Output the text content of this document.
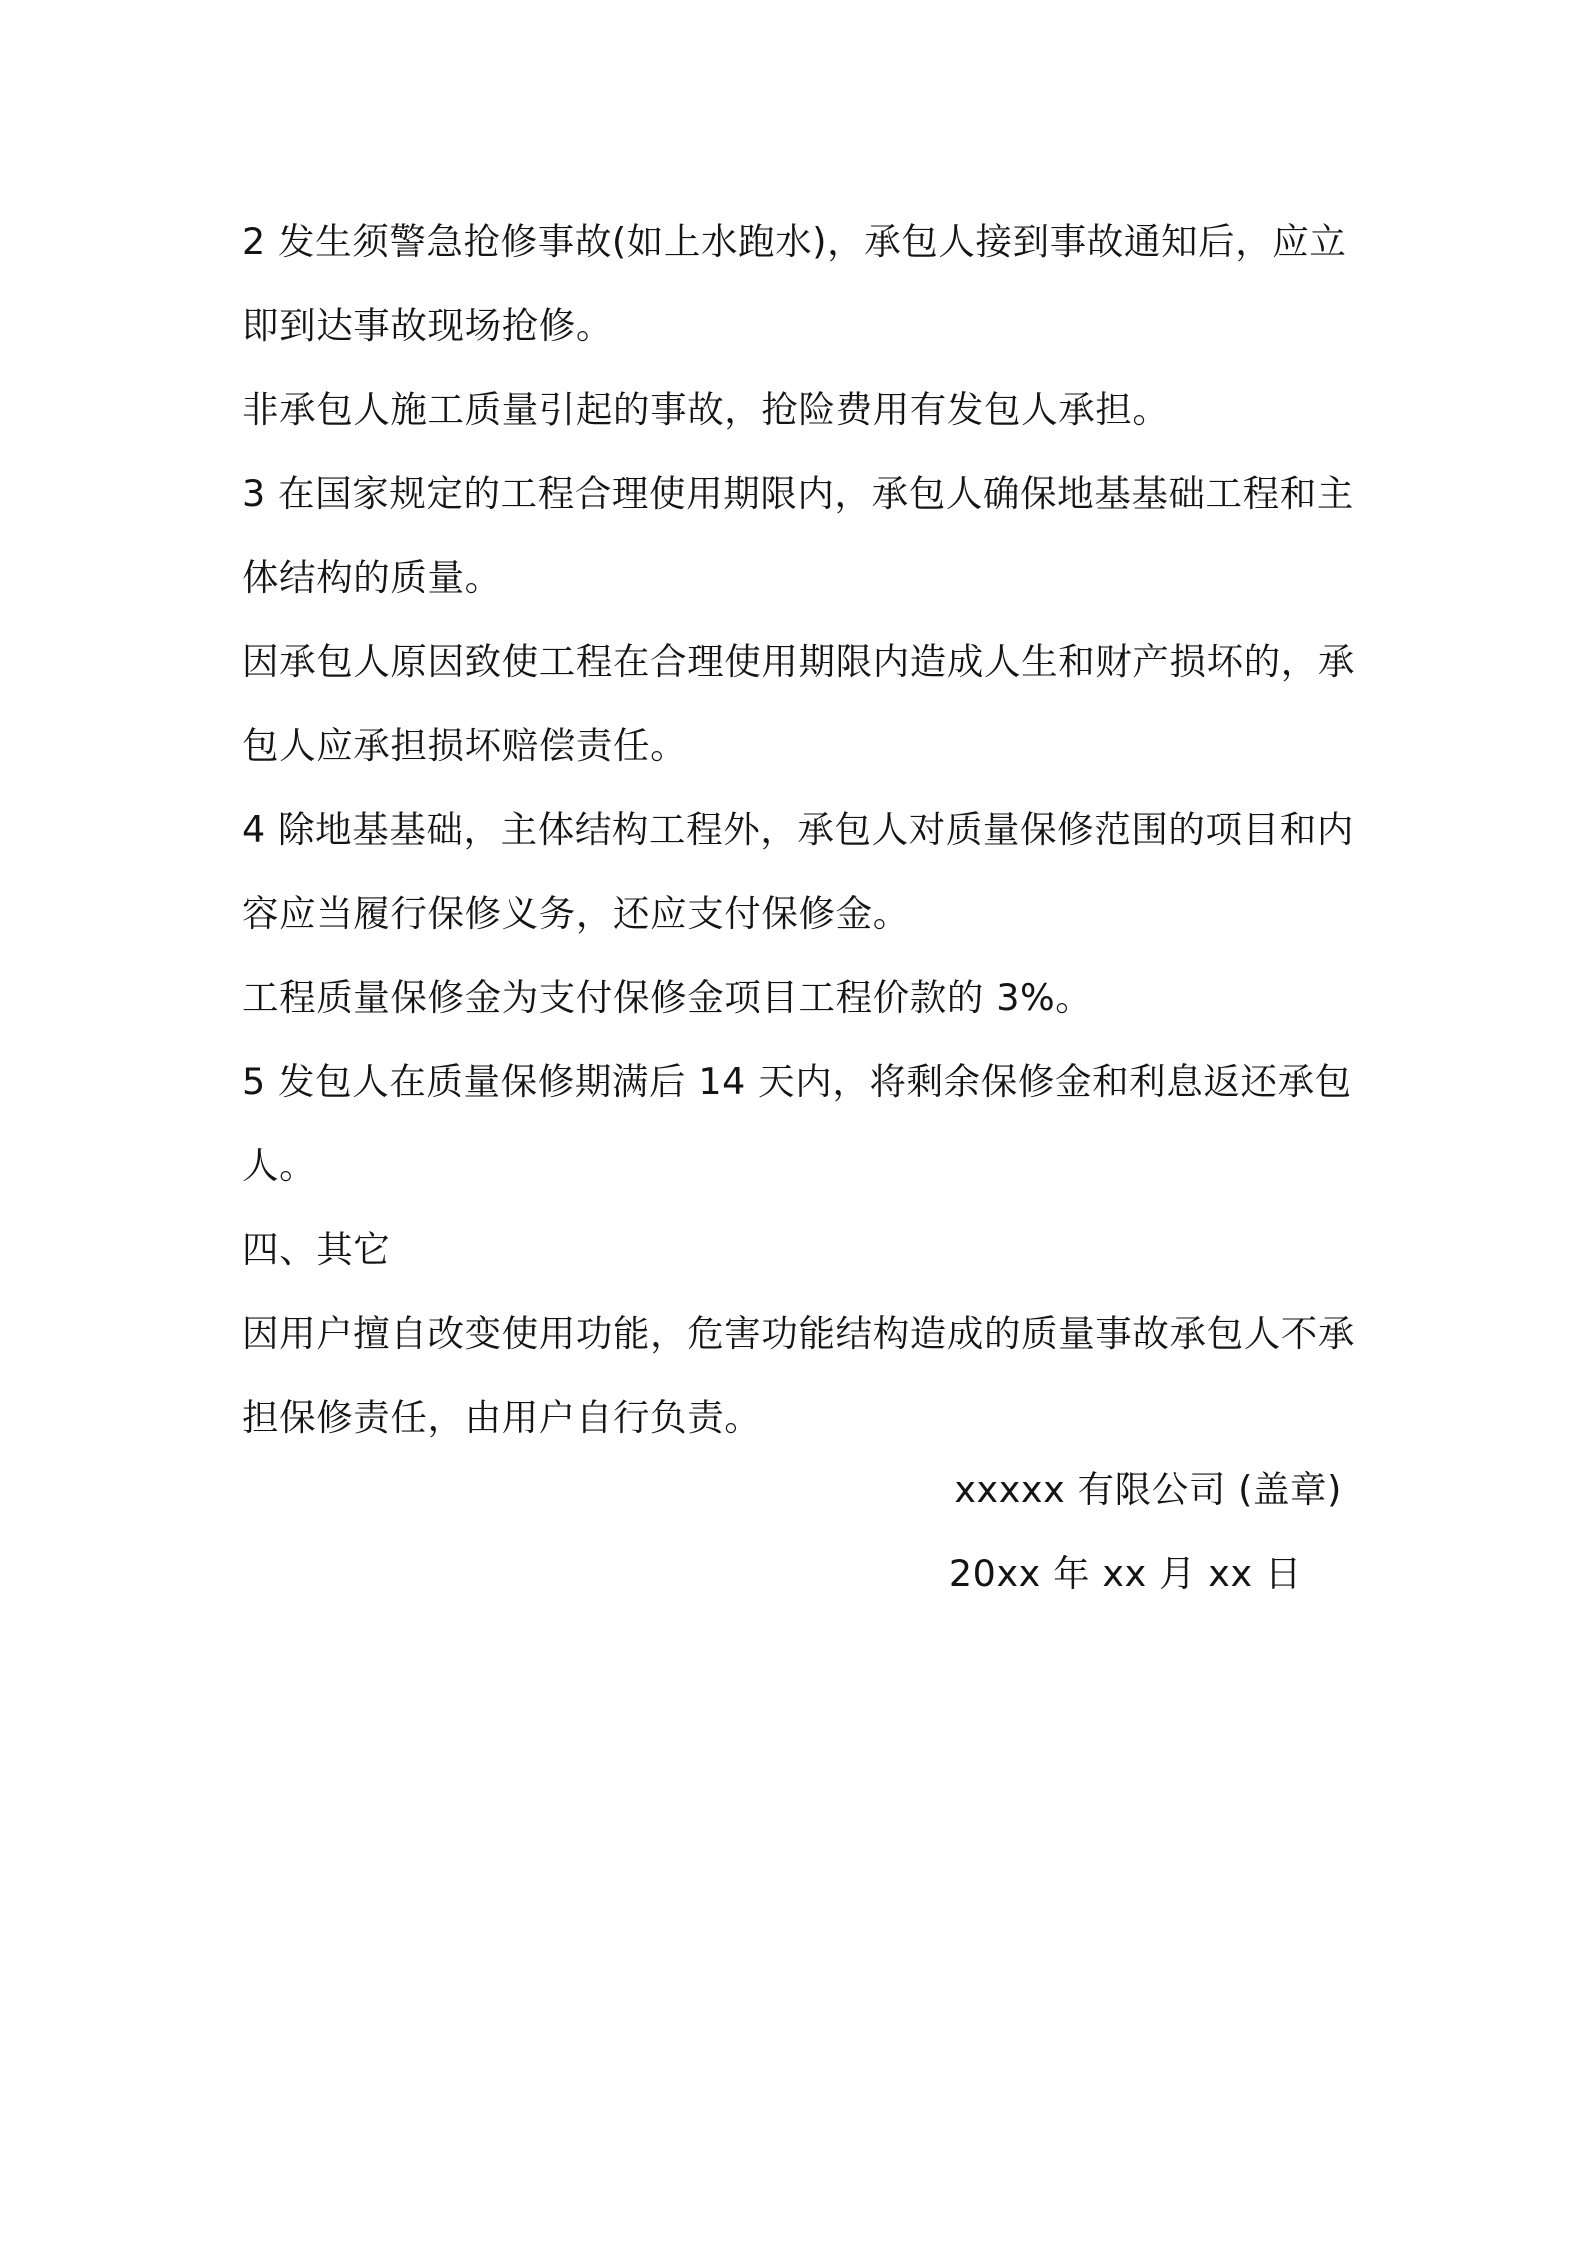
2 发生须警急抢修事故(如上水跑水)，承包人接到事故通知后，应立

即到达事故现场抢修。

非承包人施工质量引起的事故，抢险费用有发包人承担。

3 在国家规定的工程合理使用期限内，承包人确保地基基础工程和主

体结构的质量。

因承包人原因致使工程在合理使用期限内造成人生和财产损坏的，承

包人应承担损坏赔偿责任。

4 除地基基础，主体结构工程外，承包人对质量保修范围的项目和内

容应当履行保修义务，还应支付保修金。

工程质量保修金为支付保修金项目工程价款的 3%。

5 发包人在质量保修期满后 14 天内，将剩余保修金和利息返还承包

人。

四、其它

因用户擅自改变使用功能，危害功能结构造成的质量事故承包人不承

担保修责任，由用户自行负责。

xxxxx 有限公司 (盖章)
20xx 年 xx 月 xx 日
